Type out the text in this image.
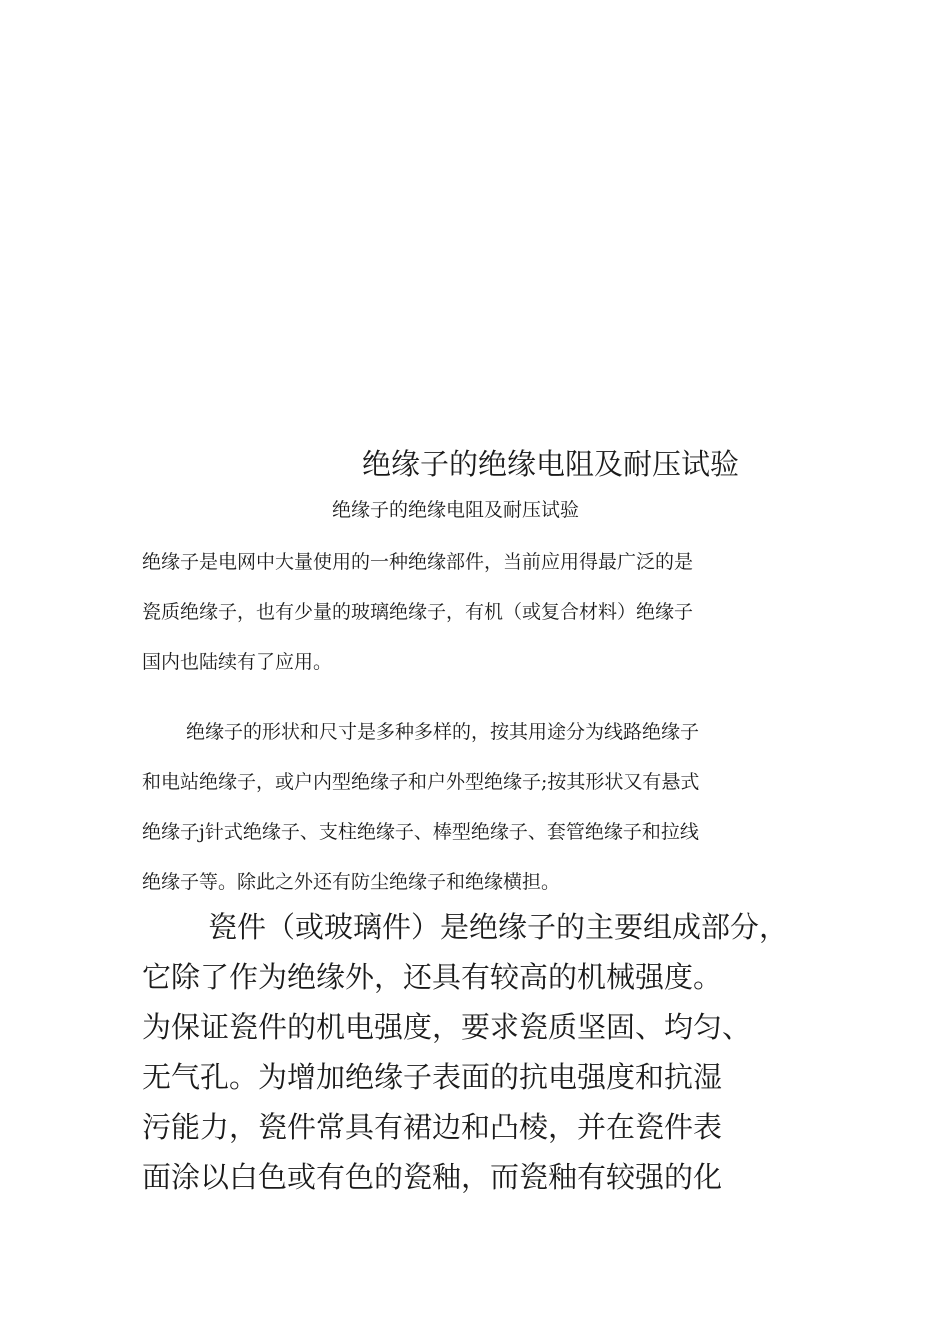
绝缘子的绝缘电阻及耐压试验
绝缘子的绝缘电阻及耐压试验
绝缘子是电网中大量使用的一种绝缘部件，当前应用得最广泛的是
瓷质绝缘子，也有少量的玻璃绝缘子，有机（或复合材料）绝缘子
国内也陆续有了应用。
绝缘子的形状和尺寸是多种多样的，按其用途分为线路绝缘子
和电站绝缘子，或户内型绝缘子和户外型绝缘子;按其形状又有悬式
绝缘子j针式绝缘子、支柱绝缘子、棒型绝缘子、套管绝缘子和拉线
绝缘子等。除此之外还有防尘绝缘子和绝缘横担。
瓷件（或玻璃件）是绝缘子的主要组成部分，
它除了作为绝缘外，还具有较高的机械强度。
为保证瓷件的机电强度，要求瓷质坚固、均匀、
无气孔。为增加绝缘子表面的抗电强度和抗湿
污能力，瓷件常具有裙边和凸棱，并在瓷件表
面涂以白色或有色的瓷釉，而瓷釉有较强的化
